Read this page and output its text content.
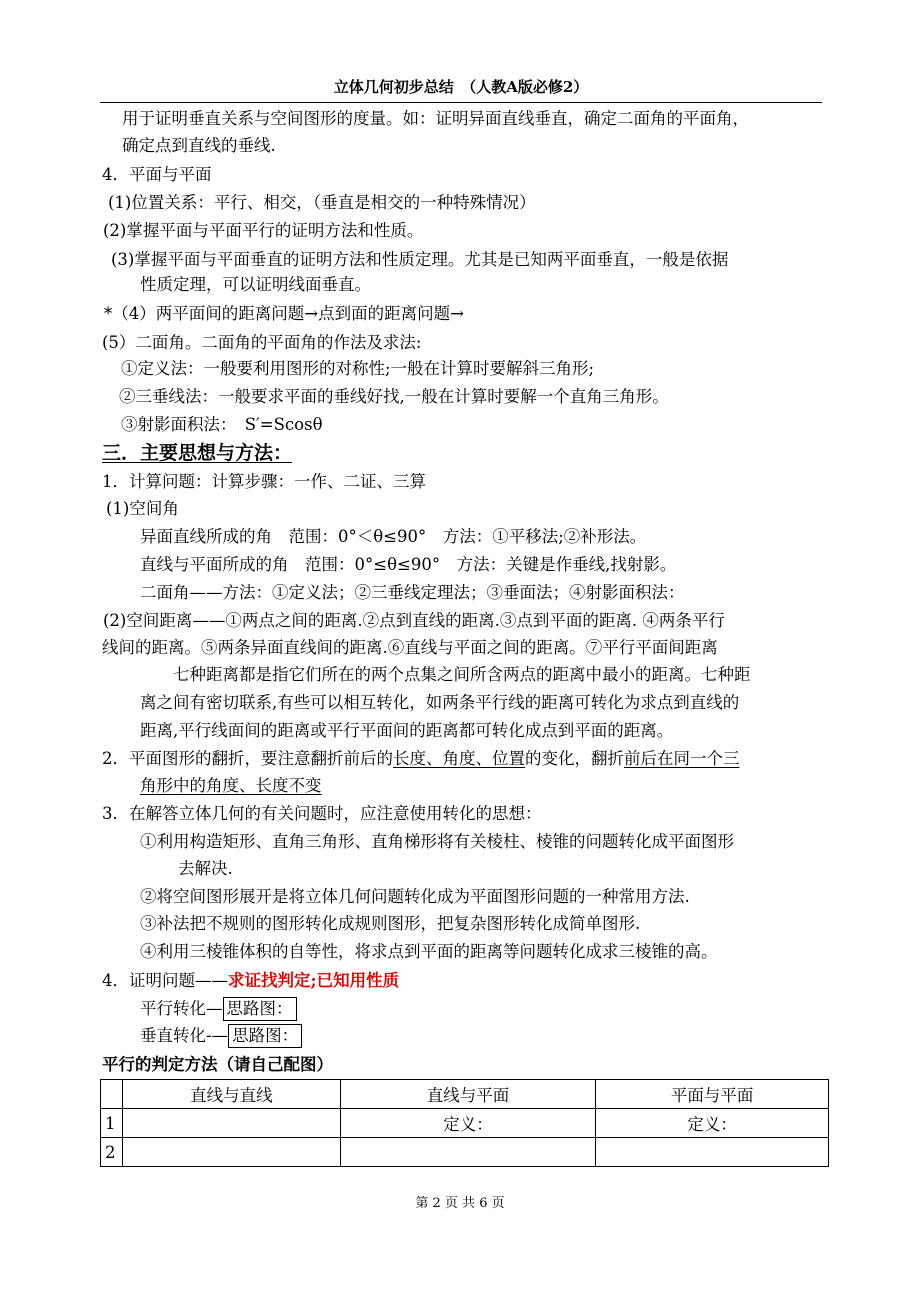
立体几何初步总结　（人教A版必修2）
用于证明垂直关系与空间图形的度量。如：证明异面直线垂直，确定二面角的平面角，
确定点到直线的垂线.
4．平面与平面
(1)位置关系：平行、相交，（垂直是相交的一种特殊情况）
(2)掌握平面与平面平行的证明方法和性质。
(3)掌握平面与平面垂直的证明方法和性质定理。尤其是已知两平面垂直，一般是依据
性质定理，可以证明线面垂直。
*（4）两平面间的距离问题→点到面的距离问题→
(5）二面角。二面角的平面角的作法及求法:
①定义法：一般要利用图形的对称性;一般在计算时要解斜三角形;
②三垂线法：一般要求平面的垂线好找,一般在计算时要解一个直角三角形。
③射影面积法：　S′=Scosθ
三．主要思想与方法：
1．计算问题：计算步骤：一作、二证、三算
(1)空间角
异面直线所成的角　范围：0°＜θ≤90°　方法：①平移法;②补形法。
直线与平面所成的角　范围：0°≤θ≤90°　方法：关键是作垂线,找射影。
二面角——方法：①定义法；②三垂线定理法；③垂面法；④射影面积法：
(2)空间距离——①两点之间的距离.②点到直线的距离.③点到平面的距离. ④两条平行
线间的距离。⑤两条异面直线间的距离.⑥直线与平面之间的距离。⑦平行平面间距离
七种距离都是指它们所在的两个点集之间所含两点的距离中最小的距离。七种距
离之间有密切联系,有些可以相互转化，如两条平行线的距离可转化为求点到直线的
距离,平行线面间的距离或平行平面间的距离都可转化成点到平面的距离。
2．平面图形的翻折，要注意翻折前后的长度、角度、位置的变化，翻折前后在同一个三
角形中的角度、长度不变
3．在解答立体几何的有关问题时，应注意使用转化的思想：
①利用构造矩形、直角三角形、直角梯形将有关棱柱、棱锥的问题转化成平面图形
去解决.
②将空间图形展开是将立体几何问题转化成为平面图形问题的一种常用方法.
③补法把不规则的图形转化成规则图形，把复杂图形转化成简单图形.
④利用三棱锥体积的自等性，将求点到平面的距离等问题转化成求三棱锥的高。
4．证明问题——求证找判定;已知用性质
平行转化— 思路图：
垂直转化-— 思路图：
平行的判定方法（请自己配图）
	直线与直线	直线与平面	平面与平面
1		定义：	定义：
2			
第 2 页 共 6 页
